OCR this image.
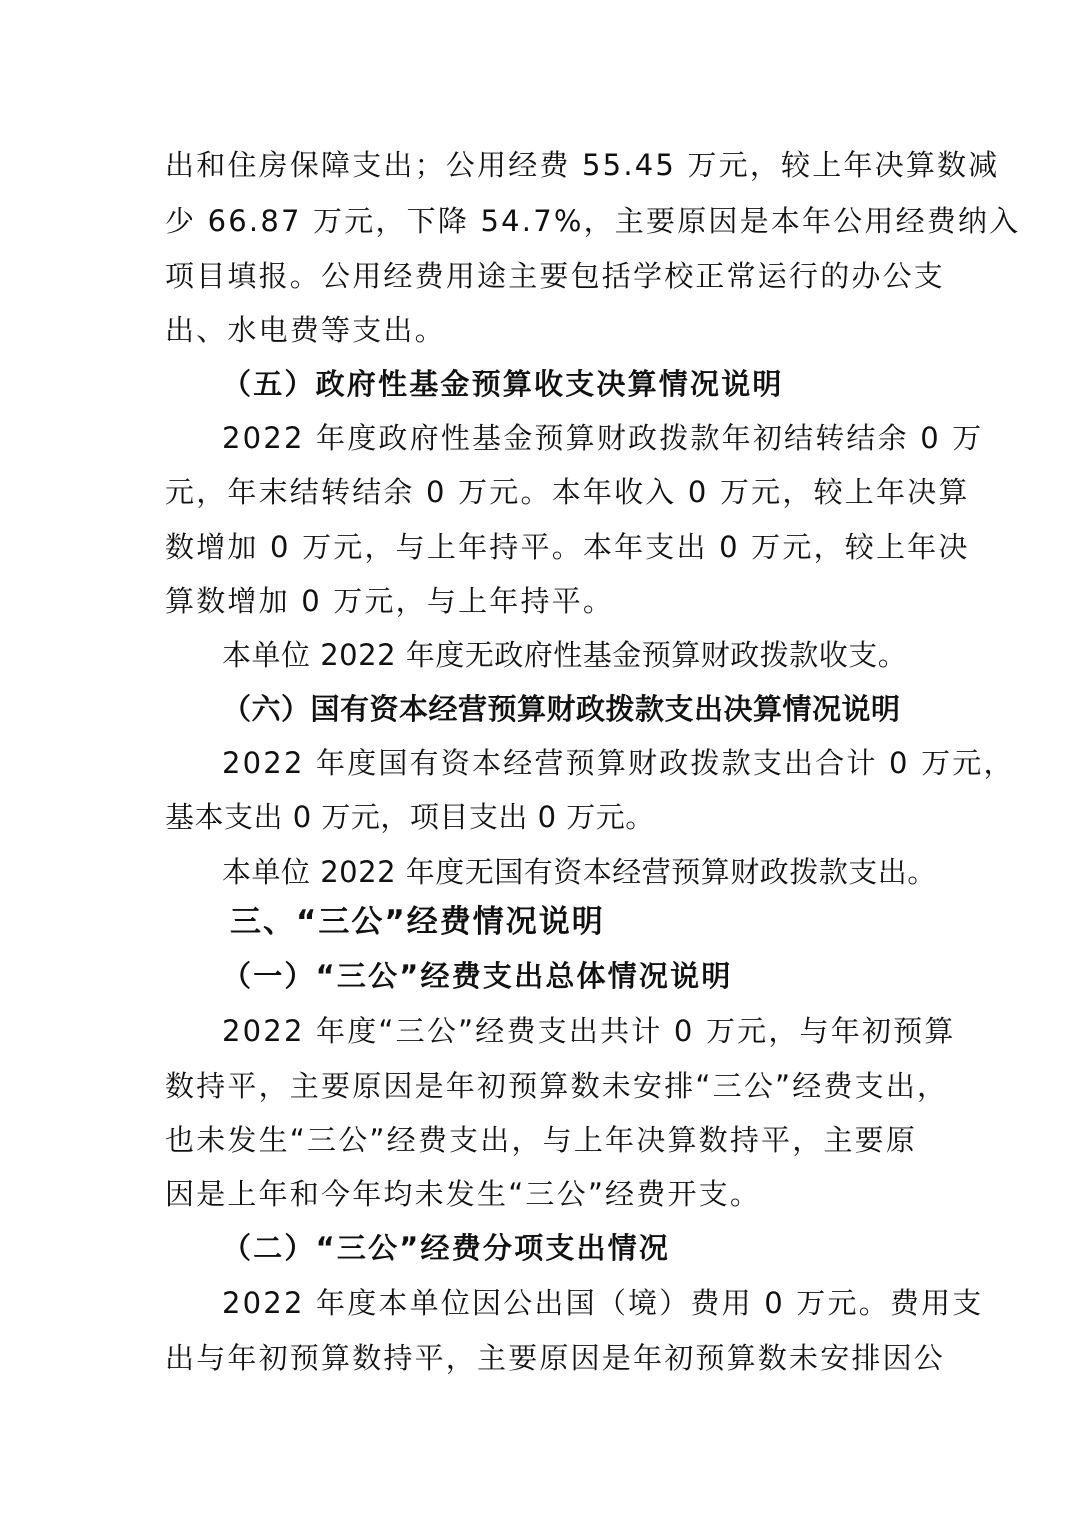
出和住房保障支出；公用经费 55.45 万元，较上年决算数减
少 66.87 万元，下降 54.7%，主要原因是本年公用经费纳入
项目填报。公用经费用途主要包括学校正常运行的办公支
出、水电费等支出。
（五）政府性基金预算收支决算情况说明
2022 年度政府性基金预算财政拨款年初结转结余 0 万
元，年末结转结余 0 万元。本年收入 0 万元，较上年决算
数增加 0 万元，与上年持平。本年支出 0 万元，较上年决
算数增加 0 万元，与上年持平。
本单位 2022 年度无政府性基金预算财政拨款收支。
（六）国有资本经营预算财政拨款支出决算情况说明
2022 年度国有资本经营预算财政拨款支出合计 0 万元，
基本支出 0 万元，项目支出 0 万元。
本单位 2022 年度无国有资本经营预算财政拨款支出。
三、“三公”经费情况说明
（一）“三公”经费支出总体情况说明
2022 年度“三公”经费支出共计 0 万元，与年初预算
数持平，主要原因是年初预算数未安排“三公”经费支出，
也未发生“三公”经费支出，与上年决算数持平，主要原
因是上年和今年均未发生“三公”经费开支。
（二）“三公”经费分项支出情况
2022 年度本单位因公出国（境）费用 0 万元。费用支
出与年初预算数持平，主要原因是年初预算数未安排因公
